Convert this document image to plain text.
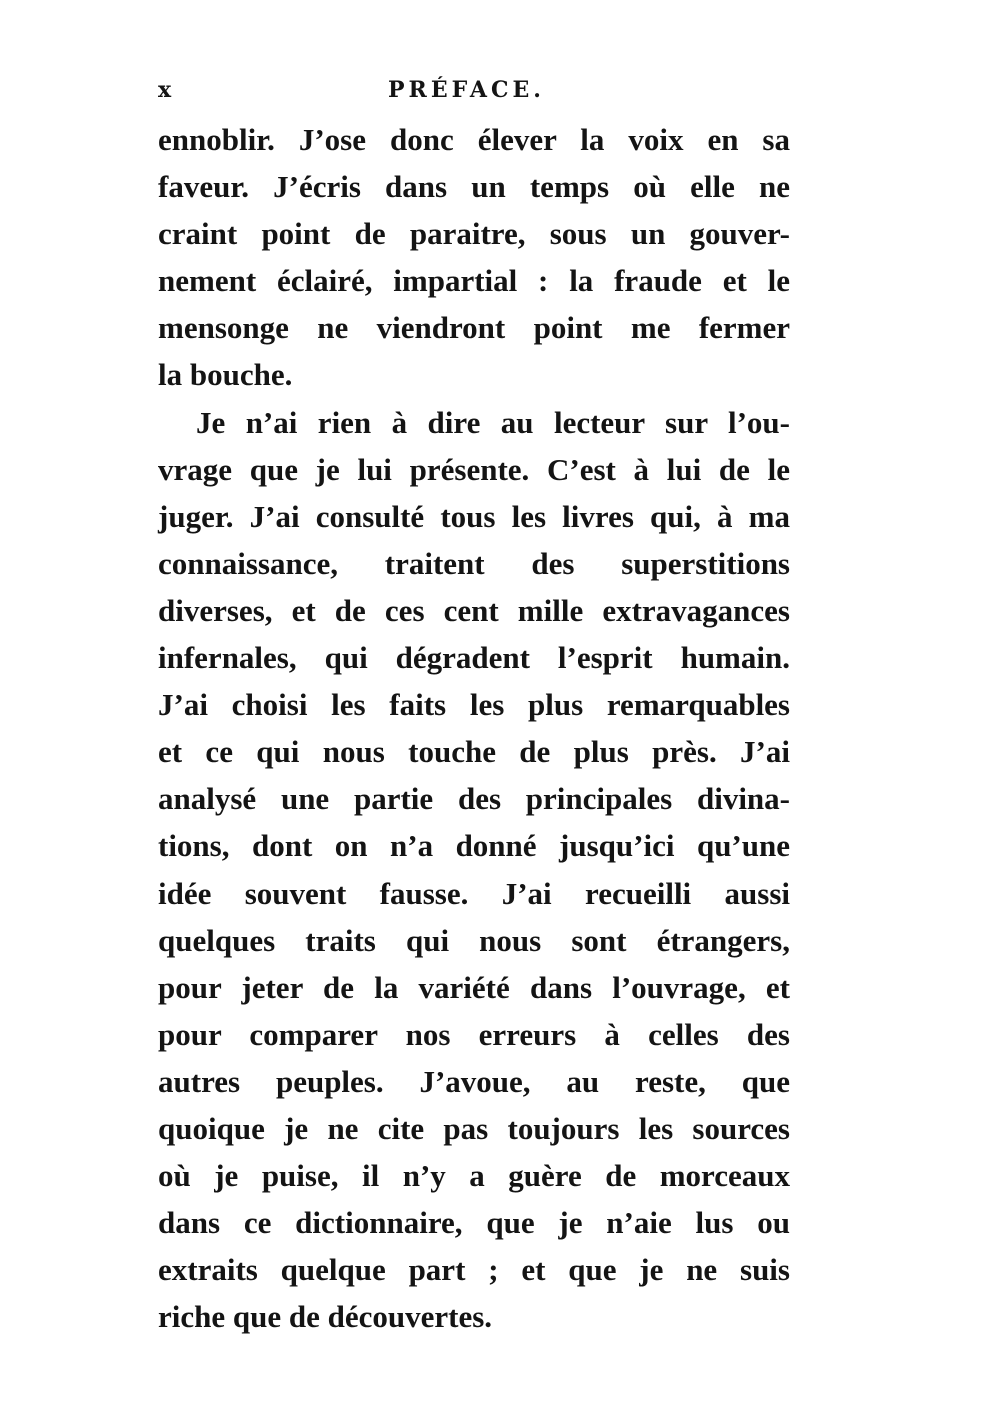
x	PRÉFACE.
ennoblir. J’ose donc élever la voix en sa
faveur. J’écris dans un temps où elle ne
craint point de paraitre, sous un gouver-
nement éclairé, impartial : la fraude et le
mensonge ne viendront point me fermer
la bouche.
Je n’ai rien à dire au lecteur sur l’ou-
vrage que je lui présente. C’est à lui de le
juger. J’ai consulté tous les livres qui, à ma
connaissance, traitent des superstitions
diverses, et de ces cent mille extravagances
infernales, qui dégradent l’esprit humain.
J’ai choisi les faits les plus remarquables
et ce qui nous touche de plus près. J’ai
analysé une partie des principales divina-
tions, dont on n’a donné jusqu’ici qu’une
idée souvent fausse. J’ai recueilli aussi
quelques traits qui nous sont étrangers,
pour jeter de la variété dans l’ouvrage, et
pour comparer nos erreurs à celles des
autres peuples. J’avoue, au reste, que
quoique je ne cite pas toujours les sources
où je puise, il n’y a guère de morceaux
dans ce dictionnaire, que je n’aie lus ou
extraits quelque part ; et que je ne suis
riche que de découvertes.
